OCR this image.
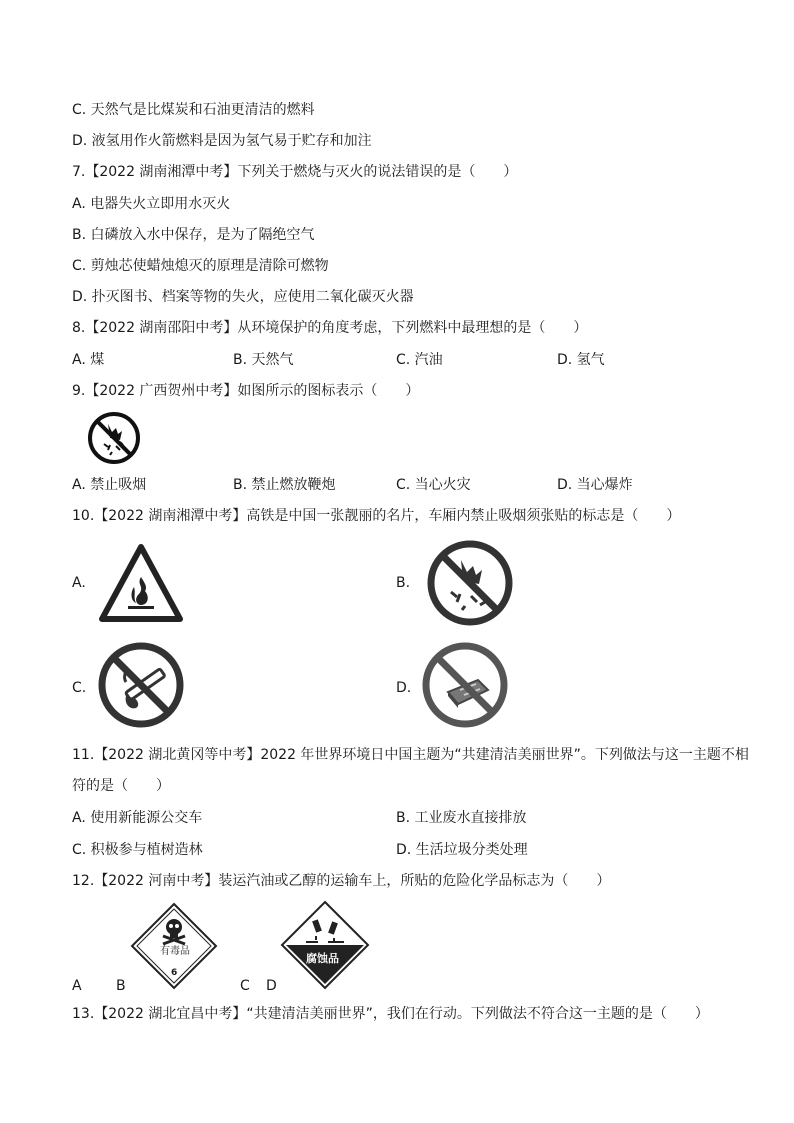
C. 天然气是比煤炭和石油更清洁的燃料
D. 液氢用作火箭燃料是因为氢气易于贮存和加注
7.【2022 湖南湘潭中考】下列关于燃烧与灭火的说法错误的是（　　）
A. 电器失火立即用水灭火
B. 白磷放入水中保存，是为了隔绝空气
C. 剪烛芯使蜡烛熄灭的原理是清除可燃物
D. 扑灭图书、档案等物的失火，应使用二氧化碳灭火器
8.【2022 湖南邵阳中考】从环境保护的角度考虑，下列燃料中最理想的是（　　）
A. 煤	B. 天然气	C. 汽油	D. 氢气
9.【2022 广西贺州中考】如图所示的图标表示（　　）
A. 禁止吸烟	B. 禁止燃放鞭炮	C. 当心火灾	D. 当心爆炸
10.【2022 湖南湘潭中考】高铁是中国一张靓丽的名片，车厢内禁止吸烟须张贴的标志是（　　）
A.	B.
C.	D.
11.【2022 湖北黄冈等中考】2022 年世界环境日中国主题为“共建清洁美丽世界”。下列做法与这一主题不相
符的是（　　）
A. 使用新能源公交车	B. 工业废水直接排放
C. 积极参与植树造林	D. 生活垃圾分类处理
12.【2022 河南中考】装运汽油或乙醇的运输车上，所贴的危险化学品标志为（　　）
有毒品
6
腐蚀品
A B	C D
13.【2022 湖北宜昌中考】“共建清洁美丽世界”，我们在行动。下列做法不符合这一主题的是（　　）
